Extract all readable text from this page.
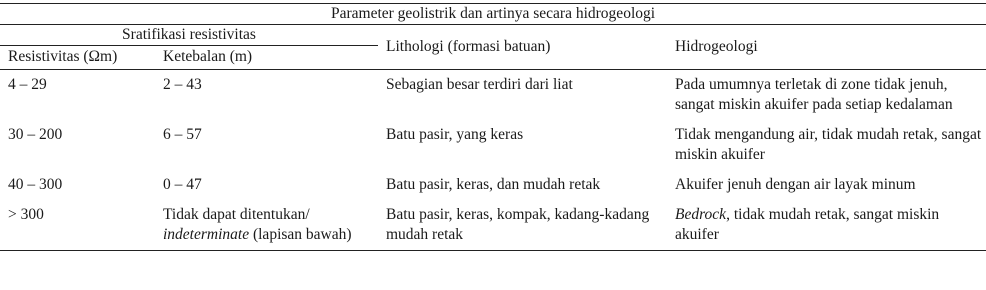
Parameter geolistrik dan artinya secara hidrogeologi			

Sratifikasi resistivitas		Lithologi (formasi batuan)	Hidrogeologi
Resistivitas (Ωm)	Ketebalan (m)		
4 – 29	2 – 43	Sebagian besar terdiri dari liat	Pada umumnya terletak di zone tidak jenuh, sangat miskin akuifer pada setiap kedalaman
30 – 200	6 – 57	Batu pasir, yang keras	Tidak mengandung air, tidak mudah retak, sangat miskin akuifer
40 – 300	0 – 47	Batu pasir, keras, dan mudah retak	Akuifer jenuh dengan air layak minum
> 300	Tidak dapat ditentukan/ indeterminate (lapisan bawah)	Batu pasir, keras, kompak, kadang-kadang mudah retak	Bedrock, tidak mudah retak, sangat miskin akuifer
